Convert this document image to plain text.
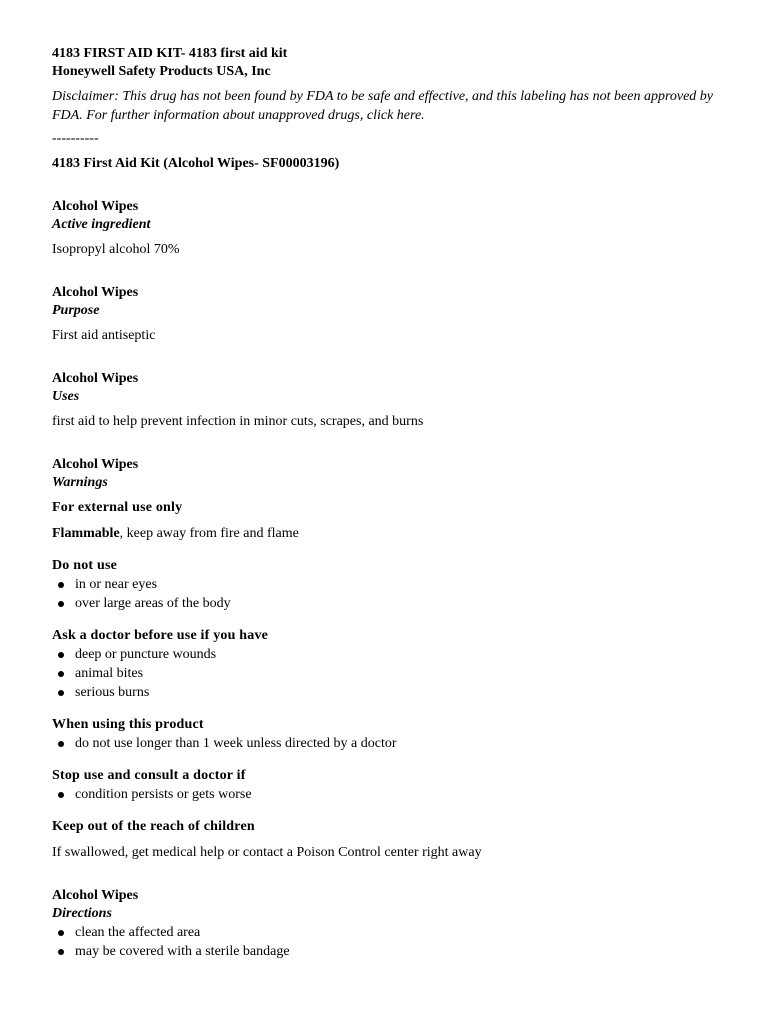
4183 FIRST AID KIT- 4183 first aid kit

Honeywell Safety Products USA, Inc

Disclaimer: This drug has not been found by FDA to be safe and effective, and this labeling has not been approved by FDA. For further information about unapproved drugs, click here.

----------

4183 First Aid Kit (Alcohol Wipes- SF00003196)

Alcohol Wipes

Active ingredient

Isopropyl alcohol 70%

Alcohol Wipes

Purpose

First aid antiseptic

Alcohol Wipes

Uses

first aid to help prevent infection in minor cuts, scrapes, and burns

Alcohol Wipes

Warnings

For external use only

Flammable, keep away from fire and flame

Do not use

in or near eyes
over large areas of the body

Ask a doctor before use if you have

deep or puncture wounds
animal bites
serious burns

When using this product

do not use longer than 1 week unless directed by a doctor

Stop use and consult a doctor if

condition persists or gets worse

Keep out of the reach of children

If swallowed, get medical help or contact a Poison Control center right away

Alcohol Wipes

Directions

clean the affected area
may be covered with a sterile bandage
